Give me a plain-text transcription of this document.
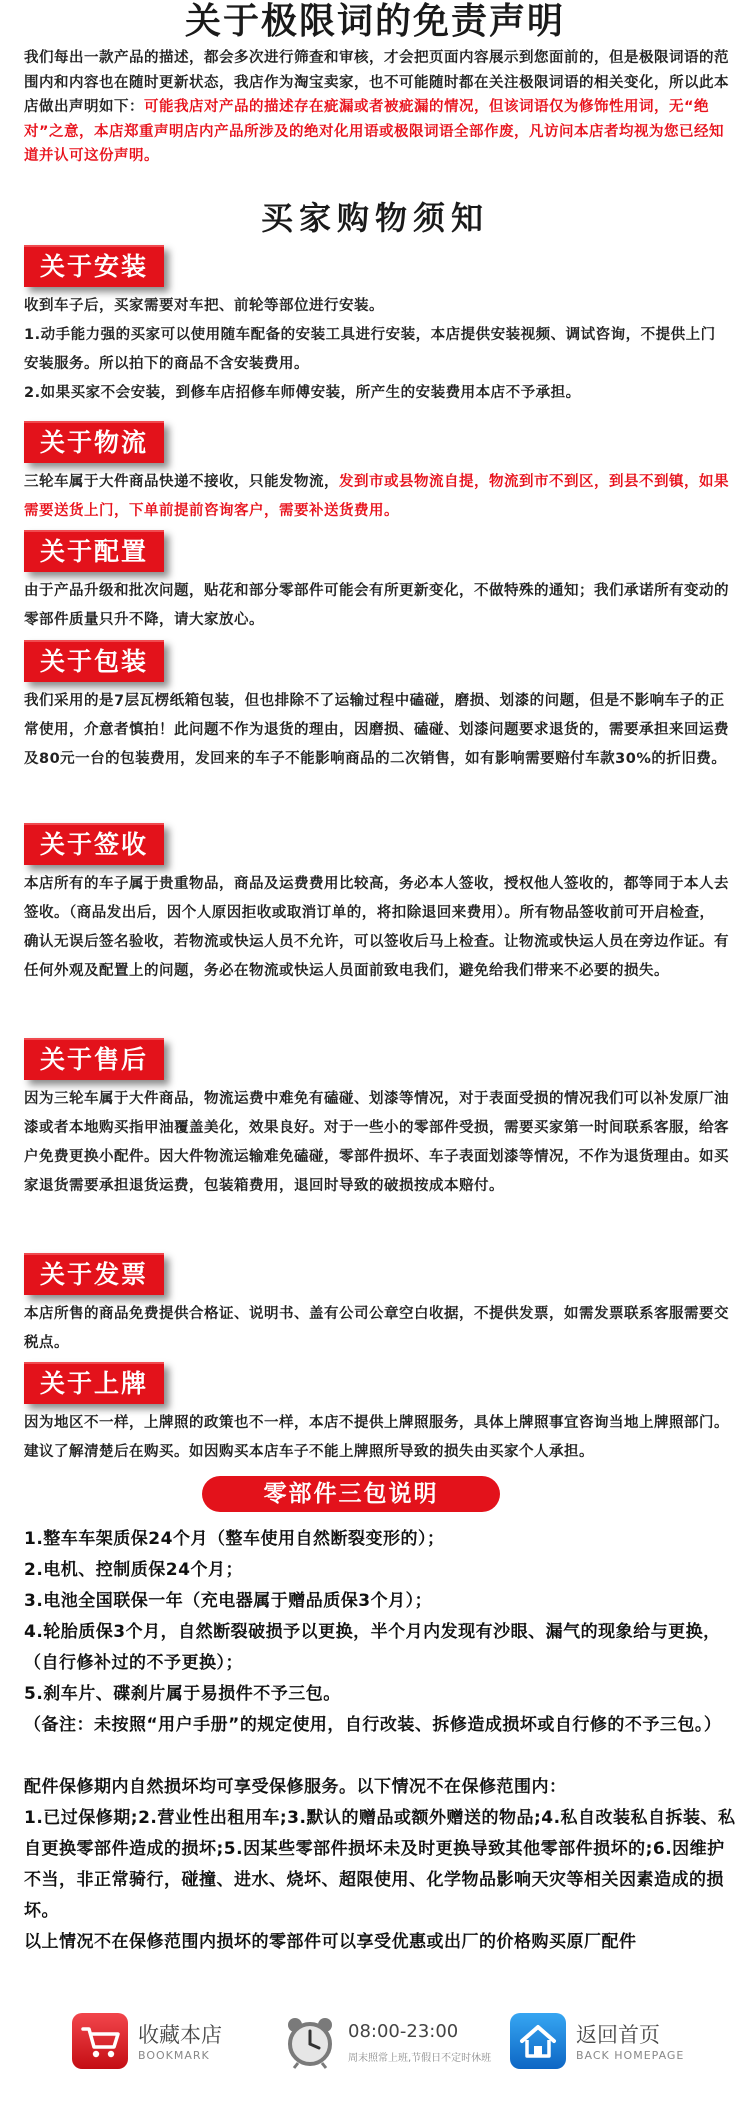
关于极限词的免责声明
我们每出一款产品的描述，都会多次进行筛查和审核，才会把页面内容展示到您面前的，但是极限词语的范围内和内容也在随时更新状态，我店作为淘宝卖家，也不可能随时都在关注极限词语的相关变化，所以此本店做出声明如下：可能我店对产品的描述存在疵漏或者被疵漏的情况，但该词语仅为修饰性用词，无“绝对”之意，本店郑重声明店内产品所涉及的绝对化用语或极限词语全部作废，凡访问本店者均视为您已经知道并认可这份声明。
买家购物须知
关于安装
收到车子后，买家需要对车把、前轮等部位进行安装。
1.动手能力强的买家可以使用随车配备的安装工具进行安装，本店提供安装视频、调试咨询，不提供上门安装服务。所以拍下的商品不含安装费用。
2.如果买家不会安装，到修车店招修车师傅安装，所产生的安装费用本店不予承担。
关于物流
三轮车属于大件商品快递不接收，只能发物流，发到市或县物流自提，物流到市不到区，到县不到镇，如果需要送货上门，下单前提前咨询客户，需要补送货费用。
关于配置
由于产品升级和批次问题，贴花和部分零部件可能会有所更新变化，不做特殊的通知；我们承诺所有变动的零部件质量只升不降，请大家放心。
关于包装
我们采用的是7层瓦楞纸箱包装，但也排除不了运输过程中磕碰，磨损、划漆的问题，但是不影响车子的正常使用，介意者慎拍！此问题不作为退货的理由，因磨损、磕碰、划漆问题要求退货的，需要承担来回运费及80元一台的包装费用，发回来的车子不能影响商品的二次销售，如有影响需要赔付车款30%的折旧费。
关于签收
本店所有的车子属于贵重物品，商品及运费费用比较高，务必本人签收，授权他人签收的，都等同于本人去签收。（商品发出后，因个人原因拒收或取消订单的，将扣除退回来费用）。所有物品签收前可开启检查，确认无误后签名验收，若物流或快运人员不允许，可以签收后马上检查。让物流或快运人员在旁边作证。有任何外观及配置上的问题，务必在物流或快运人员面前致电我们，避免给我们带来不必要的损失。
关于售后
因为三轮车属于大件商品，物流运费中难免有磕碰、划漆等情况，对于表面受损的情况我们可以补发原厂油漆或者本地购买指甲油覆盖美化，效果良好。对于一些小的零部件受损，需要买家第一时间联系客服，给客户免费更换小配件。因大件物流运输难免磕碰，零部件损坏、车子表面划漆等情况，不作为退货理由。如买家退货需要承担退货运费，包装箱费用，退回时导致的破损按成本赔付。
关于发票
本店所售的商品免费提供合格证、说明书、盖有公司公章空白收据，不提供发票，如需发票联系客服需要交税点。
关于上牌
因为地区不一样，上牌照的政策也不一样，本店不提供上牌照服务，具体上牌照事宜咨询当地上牌照部门。建议了解清楚后在购买。如因购买本店车子不能上牌照所导致的损失由买家个人承担。
零部件三包说明
1.整车车架质保24个月（整车使用自然断裂变形的）；
2.电机、控制质保24个月；
3.电池全国联保一年（充电器属于赠品质保3个月）；
4.轮胎质保3个月，自然断裂破损予以更换，半个月内发现有沙眼、漏气的现象给与更换，（自行修补过的不予更换）；
5.刹车片、碟刹片属于易损件不予三包。
（备注：未按照“用户手册”的规定使用，自行改装、拆修造成损坏或自行修的不予三包。）
配件保修期内自然损坏均可享受保修服务。以下情况不在保修范围内：
1.已过保修期;2.营业性出租用车;3.默认的赠品或额外赠送的物品;4.私自改装私自拆装、私自更换零部件造成的损坏;5.因某些零部件损坏未及时更换导致其他零部件损坏的;6.因维护不当，非正常骑行，碰撞、进水、烧坏、超限使用、化学物品影响天灾等相关因素造成的损坏。
以上情况不在保修范围内损坏的零部件可以享受优惠或出厂的价格购买原厂配件
收藏本店
BOOKMARK
08:00-23:00
周末照常上班,节假日不定时休班
返回首页
BACK HOMEPAGE
